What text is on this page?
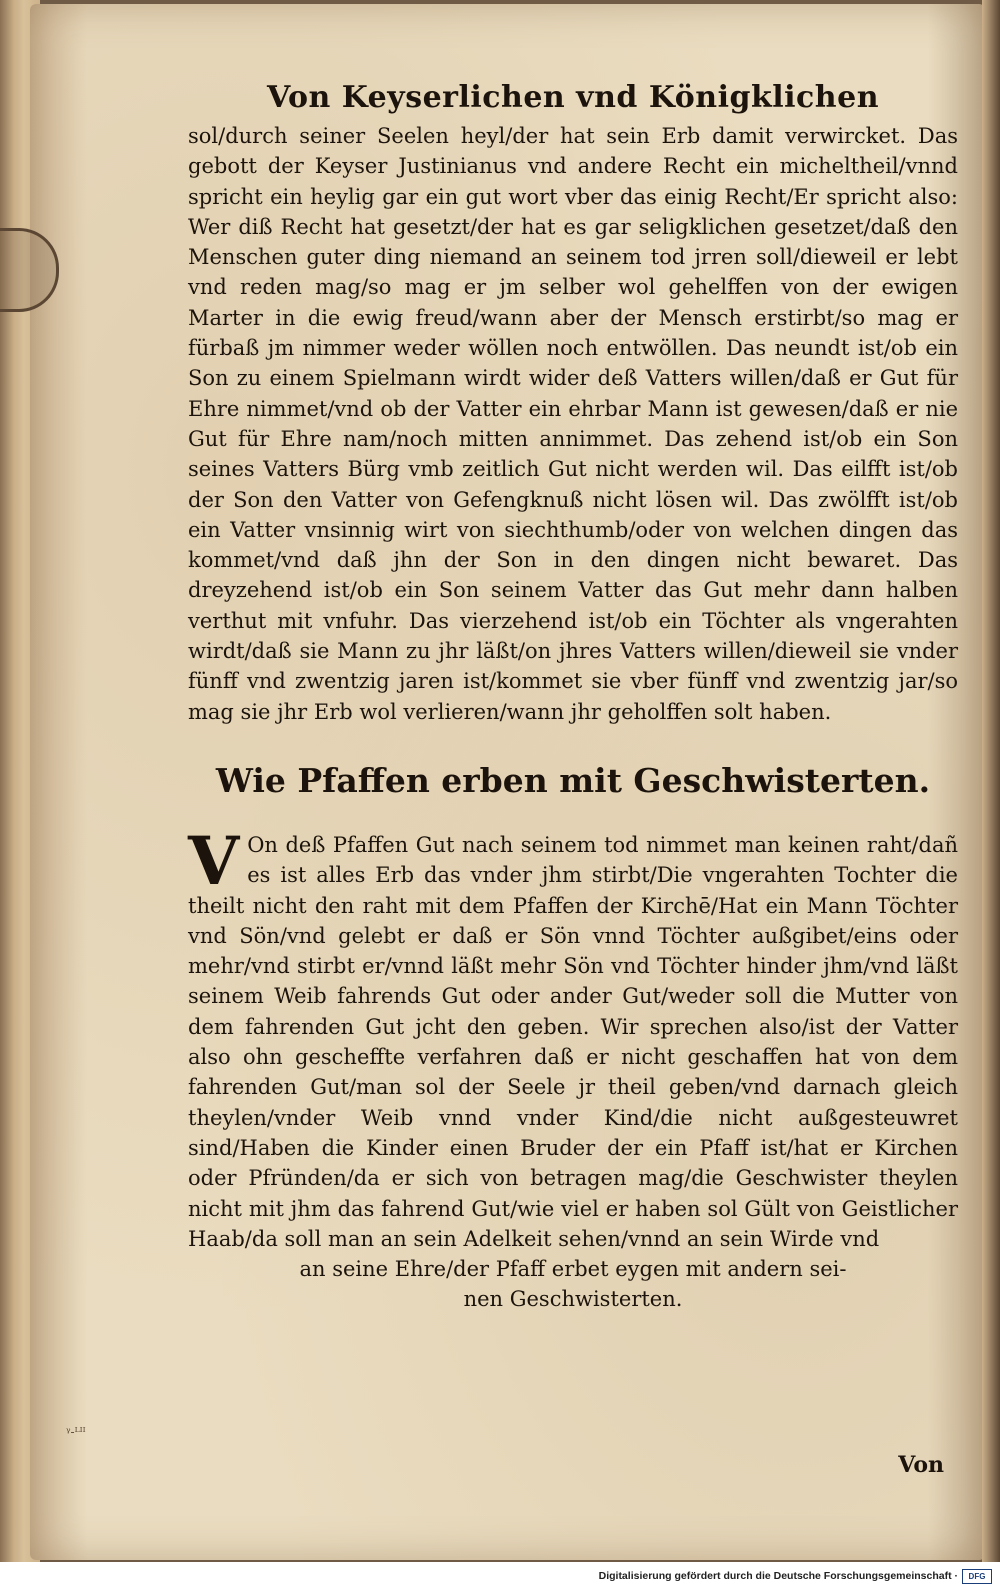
Von Keyserlichen vnd Königklichen

sol/durch seiner Seelen heyl/der hat sein Erb damit verwircket. Das gebott der Keyser Justinianus vnd andere Recht ein micheltheil/vnnd spricht ein heylig gar ein gut wort vber das einig Recht/Er spricht also: Wer diß Recht hat gesetzt/der hat es gar seligklichen gesetzet/daß den Menschen guter ding niemand an seinem tod jrren soll/dieweil er lebt vnd reden mag/so mag er jm selber wol gehelffen von der ewigen Marter in die ewig freud/wann aber der Mensch erstirbt/so mag er fürbaß jm nimmer weder wöllen noch entwöllen. Das neundt ist/ob ein Son zu einem Spielmann wirdt wider deß Vatters willen/daß er Gut für Ehre nimmet/vnd ob der Vatter ein ehrbar Mann ist gewesen/daß er nie Gut für Ehre nam/noch mitten annimmet. Das zehend ist/ob ein Son seines Vatters Bürg vmb zeitlich Gut nicht werden wil. Das eilfft ist/ob der Son den Vatter von Gefengknuß nicht lösen wil. Das zwölfft ist/ob ein Vatter vnsinnig wirt von siechthumb/oder von welchen dingen das kommet/vnd daß jhn der Son in den dingen nicht bewaret. Das dreyzehend ist/ob ein Son seinem Vatter das Gut mehr dann halben verthut mit vnfuhr. Das vierzehend ist/ob ein Töchter als vngerahten wirdt/daß sie Mann zu jhr läßt/on jhres Vatters willen/dieweil sie vnder fünff vnd zwentzig jaren ist/kommet sie vber fünff vnd zwentzig jar/so mag sie jhr Erb wol verlieren/wann jhr geholffen solt haben.

Wie Pfaffen erben mit Geschwisterten.

V On deß Pfaffen Gut nach seinem tod nimmet man keinen raht/dañ es ist alles Erb das vnder jhm stirbt/Die vngerahten Tochter die theilt nicht den raht mit dem Pfaffen der Kirchē/Hat ein Mann Töchter vnd Sön/vnd gelebt er daß er Sön vnnd Töchter außgibet/eins oder mehr/vnd stirbt er/vnnd läßt mehr Sön vnd Töchter hinder jhm/vnd läßt seinem Weib fahrends Gut oder ander Gut/weder soll die Mutter von dem fahrenden Gut jcht den geben. Wir sprechen also/ist der Vatter also ohn gescheffte verfahren daß er nicht geschaffen hat von dem fahrenden Gut/man sol der Seele jr theil geben/vnd darnach gleich theylen/vnder Weib vnnd vnder Kind/die nicht außgesteuwret sind/Haben die Kinder einen Bruder der ein Pfaff ist/hat er Kirchen oder Pfründen/da er sich von betragen mag/die Geschwister theylen nicht mit jhm das fahrend Gut/wie viel er haben sol Gült von Geistlicher Haab/da soll man an sein Adelkeit sehen/vnnd an sein Wirde vnd

an seine Ehre/der Pfaff erbet eygen mit andern sei-

nen Geschwisterten.

ᵞ-ᴸᴵᴵ
Von
Digitalisierung gefördert durch die Deutsche Forschungsgemeinschaft ·	DFG
